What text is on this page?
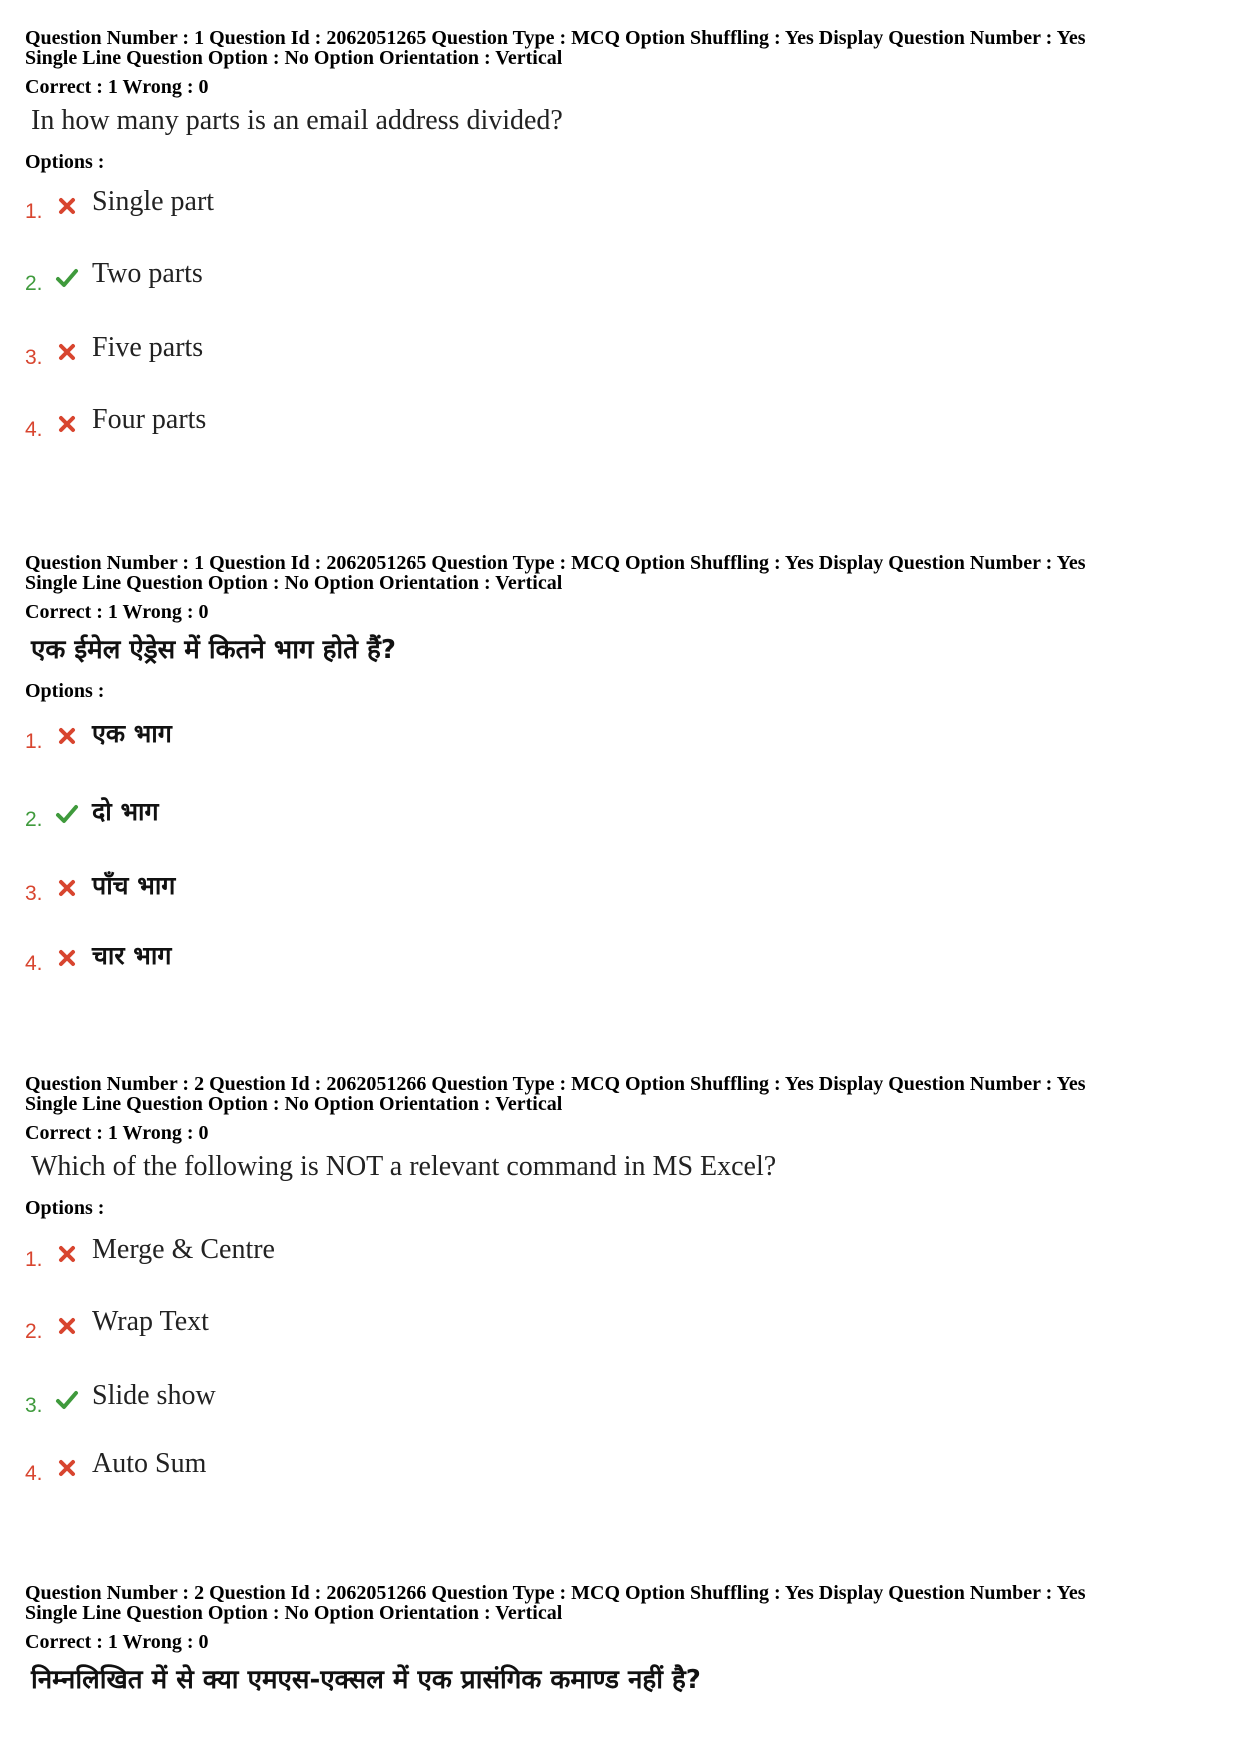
Question Number : 1 Question Id : 2062051265 Question Type : MCQ Option Shuffling : Yes Display Question Number : Yes

Single Line Question Option : No Option Orientation : Vertical

Correct : 1 Wrong : 0

In how many parts is an email address divided?

Options :

1. Single part
2. Two parts
3. Five parts
4. Four parts

Question Number : 1 Question Id : 2062051265 Question Type : MCQ Option Shuffling : Yes Display Question Number : Yes

Single Line Question Option : No Option Orientation : Vertical

Correct : 1 Wrong : 0

एक ईमेल ऐड्रेस में कितने भाग होते हैं?

Options :

1. एक भाग
2. दो भाग
3. पाँच भाग
4. चार भाग

Question Number : 2 Question Id : 2062051266 Question Type : MCQ Option Shuffling : Yes Display Question Number : Yes

Single Line Question Option : No Option Orientation : Vertical

Correct : 1 Wrong : 0

Which of the following is NOT a relevant command in MS Excel?

Options :

1. Merge & Centre
2. Wrap Text
3. Slide show
4. Auto Sum

Question Number : 2 Question Id : 2062051266 Question Type : MCQ Option Shuffling : Yes Display Question Number : Yes

Single Line Question Option : No Option Orientation : Vertical

Correct : 1 Wrong : 0

निम्नलिखित में से क्या एमएस-एक्सल में एक प्रासंगिक कमाण्ड नहीं है?
